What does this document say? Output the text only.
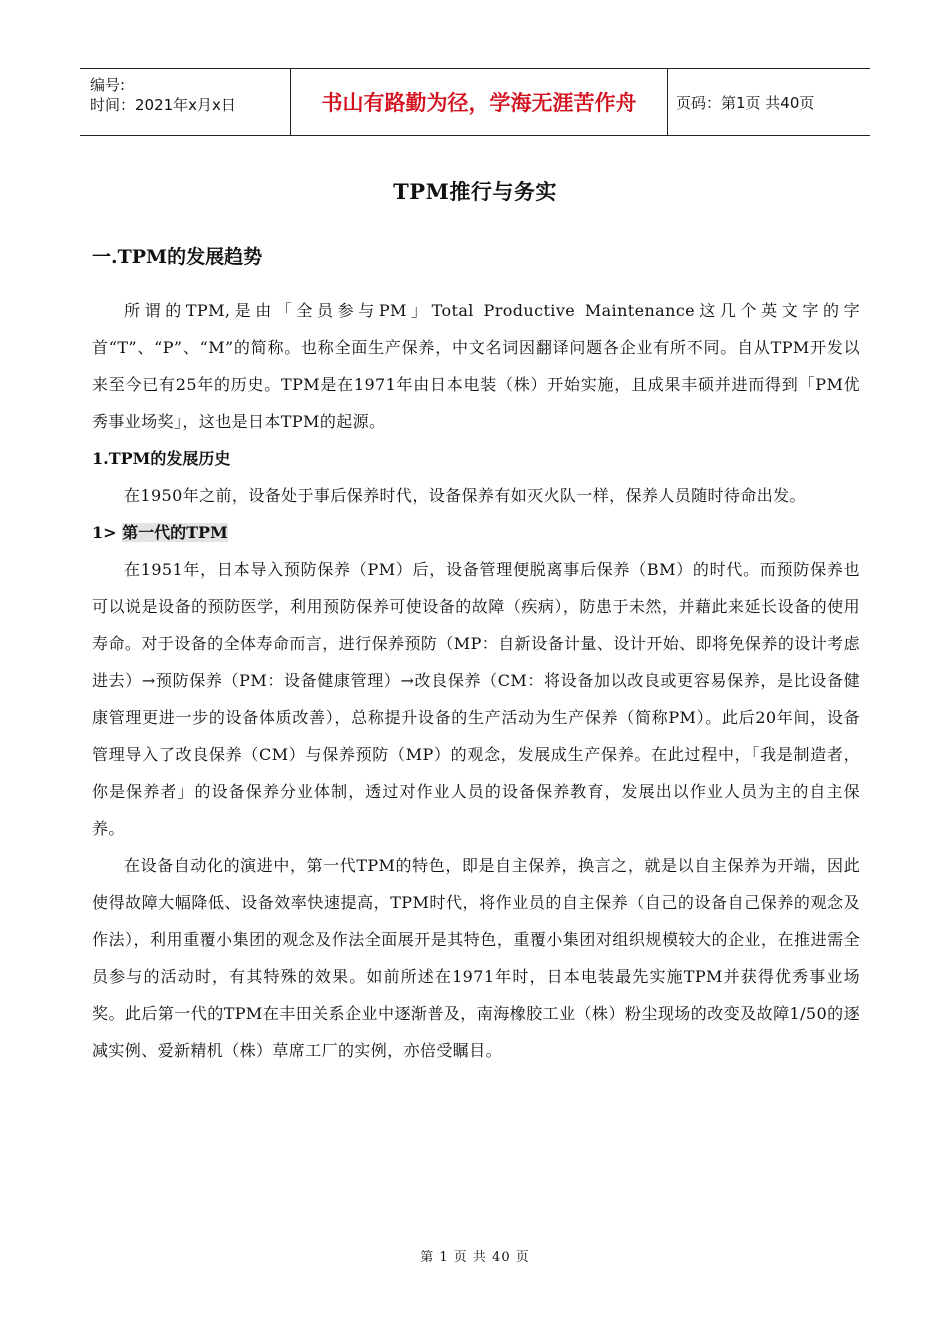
编号:
时间：2021年x月x日	书山有路勤为径，学海无涯苦作舟	页码：第1页 共40页
TPM推行与务实
一.TPM的发展趋势

所谓的TPM,是由「全员参与PM」Total Productive Maintenance这几个英文字的字首“T”、“P”、“M”的简称。也称全面生产保养，中文名词因翻译问题各企业有所不同。自从TPM开发以来至今已有25年的历史。TPM是在1971年由日本电装（株）开始实施，且成果丰硕并进而得到「PM优秀事业场奖」，这也是日本TPM的起源。

1.TPM的发展历史

在1950年之前，设备处于事后保养时代，设备保养有如灭火队一样，保养人员随时待命出发。

1> 第一代的TPM

在1951年，日本导入预防保养（PM）后，设备管理便脱离事后保养（BM）的时代。而预防保养也可以说是设备的预防医学，利用预防保养可使设备的故障（疾病），防患于未然，并藉此来延长设备的使用寿命。对于设备的全体寿命而言，进行保养预防（MP：自新设备计量、设计开始、即将免保养的设计考虑进去）→预防保养（PM：设备健康管理）→改良保养（CM：将设备加以改良或更容易保养，是比设备健康管理更进一步的设备体质改善），总称提升设备的生产活动为生产保养（简称PM）。此后20年间，设备管理导入了改良保养（CM）与保养预防（MP）的观念，发展成生产保养。在此过程中，「我是制造者，你是保养者」的设备保养分业体制，透过对作业人员的设备保养教育，发展出以作业人员为主的自主保养。

在设备自动化的演进中，第一代TPM的特色，即是自主保养，换言之，就是以自主保养为开端，因此使得故障大幅降低、设备效率快速提高，TPM时代，将作业员的自主保养（自己的设备自己保养的观念及作法），利用重覆小集团的观念及作法全面展开是其特色，重覆小集团对组织规模较大的企业，在推进需全员参与的活动时，有其特殊的效果。如前所述在1971年时，日本电装最先实施TPM并获得优秀事业场奖。此后第一代的TPM在丰田关系企业中逐渐普及，南海橡胶工业（株）粉尘现场的改变及故障1/50的逐减实例、爱新精机（株）草席工厂的实例，亦倍受瞩目。

第 1 页 共 40 页
